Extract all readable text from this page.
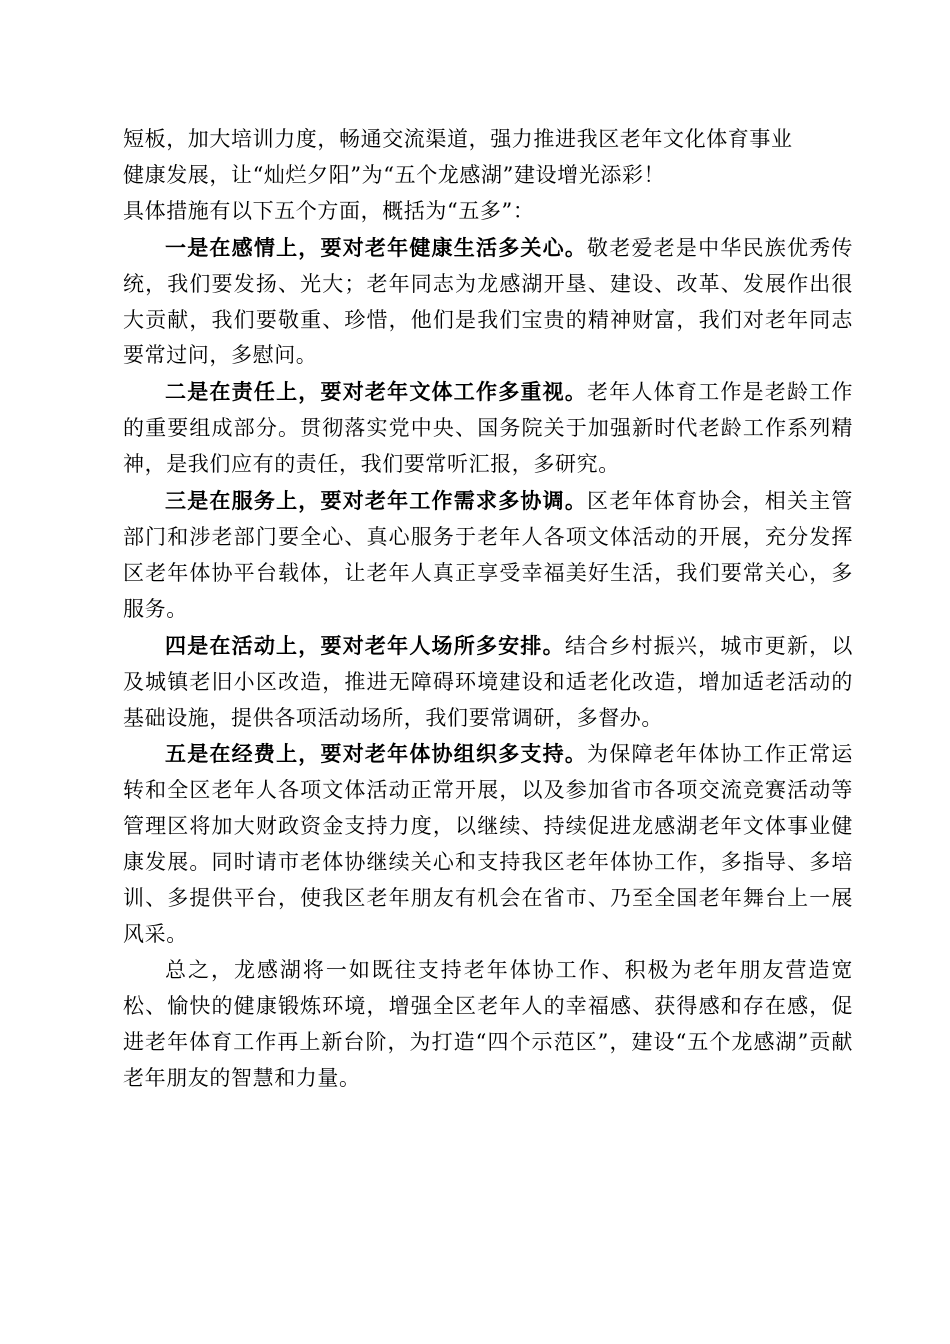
短板，加大培训力度，畅通交流渠道，强力推进我区老年文化体育事业
健康发展，让“灿烂夕阳”为“五个龙感湖”建设增光添彩！
具体措施有以下五个方面，概括为“五多”：

一是在感情上，要对老年健康生活多关心。敬老爱老是中华民族优秀传统，我们要发扬、光大；老年同志为龙感湖开垦、建设、改革、发展作出很大贡献，我们要敬重、珍惜，他们是我们宝贵的精神财富，我们对老年同志要常过问，多慰问。

二是在责任上，要对老年文体工作多重视。老年人体育工作是老龄工作的重要组成部分。贯彻落实党中央、国务院关于加强新时代老龄工作系列精神，是我们应有的责任，我们要常听汇报，多研究。

三是在服务上，要对老年工作需求多协调。区老年体育协会，相关主管部门和涉老部门要全心、真心服务于老年人各项文体活动的开展，充分发挥区老年体协平台载体，让老年人真正享受幸福美好生活，我们要常关心，多服务。

四是在活动上，要对老年人场所多安排。结合乡村振兴，城市更新，以及城镇老旧小区改造，推进无障碍环境建设和适老化改造，增加适老活动的基础设施，提供各项活动场所，我们要常调研，多督办。

五是在经费上，要对老年体协组织多支持。为保障老年体协工作正常运转和全区老年人各项文体活动正常开展，以及参加省市各项交流竞赛活动等管理区将加大财政资金支持力度，以继续、持续促进龙感湖老年文体事业健康发展。同时请市老体协继续关心和支持我区老年体协工作，多指导、多培训、多提供平台，使我区老年朋友有机会在省市、乃至全国老年舞台上一展风采。

总之，龙感湖将一如既往支持老年体协工作、积极为老年朋友营造宽松、愉快的健康锻炼环境，增强全区老年人的幸福感、获得感和存在感，促进老年体育工作再上新台阶，为打造“四个示范区”，建设“五个龙感湖”贡献老年朋友的智慧和力量。
